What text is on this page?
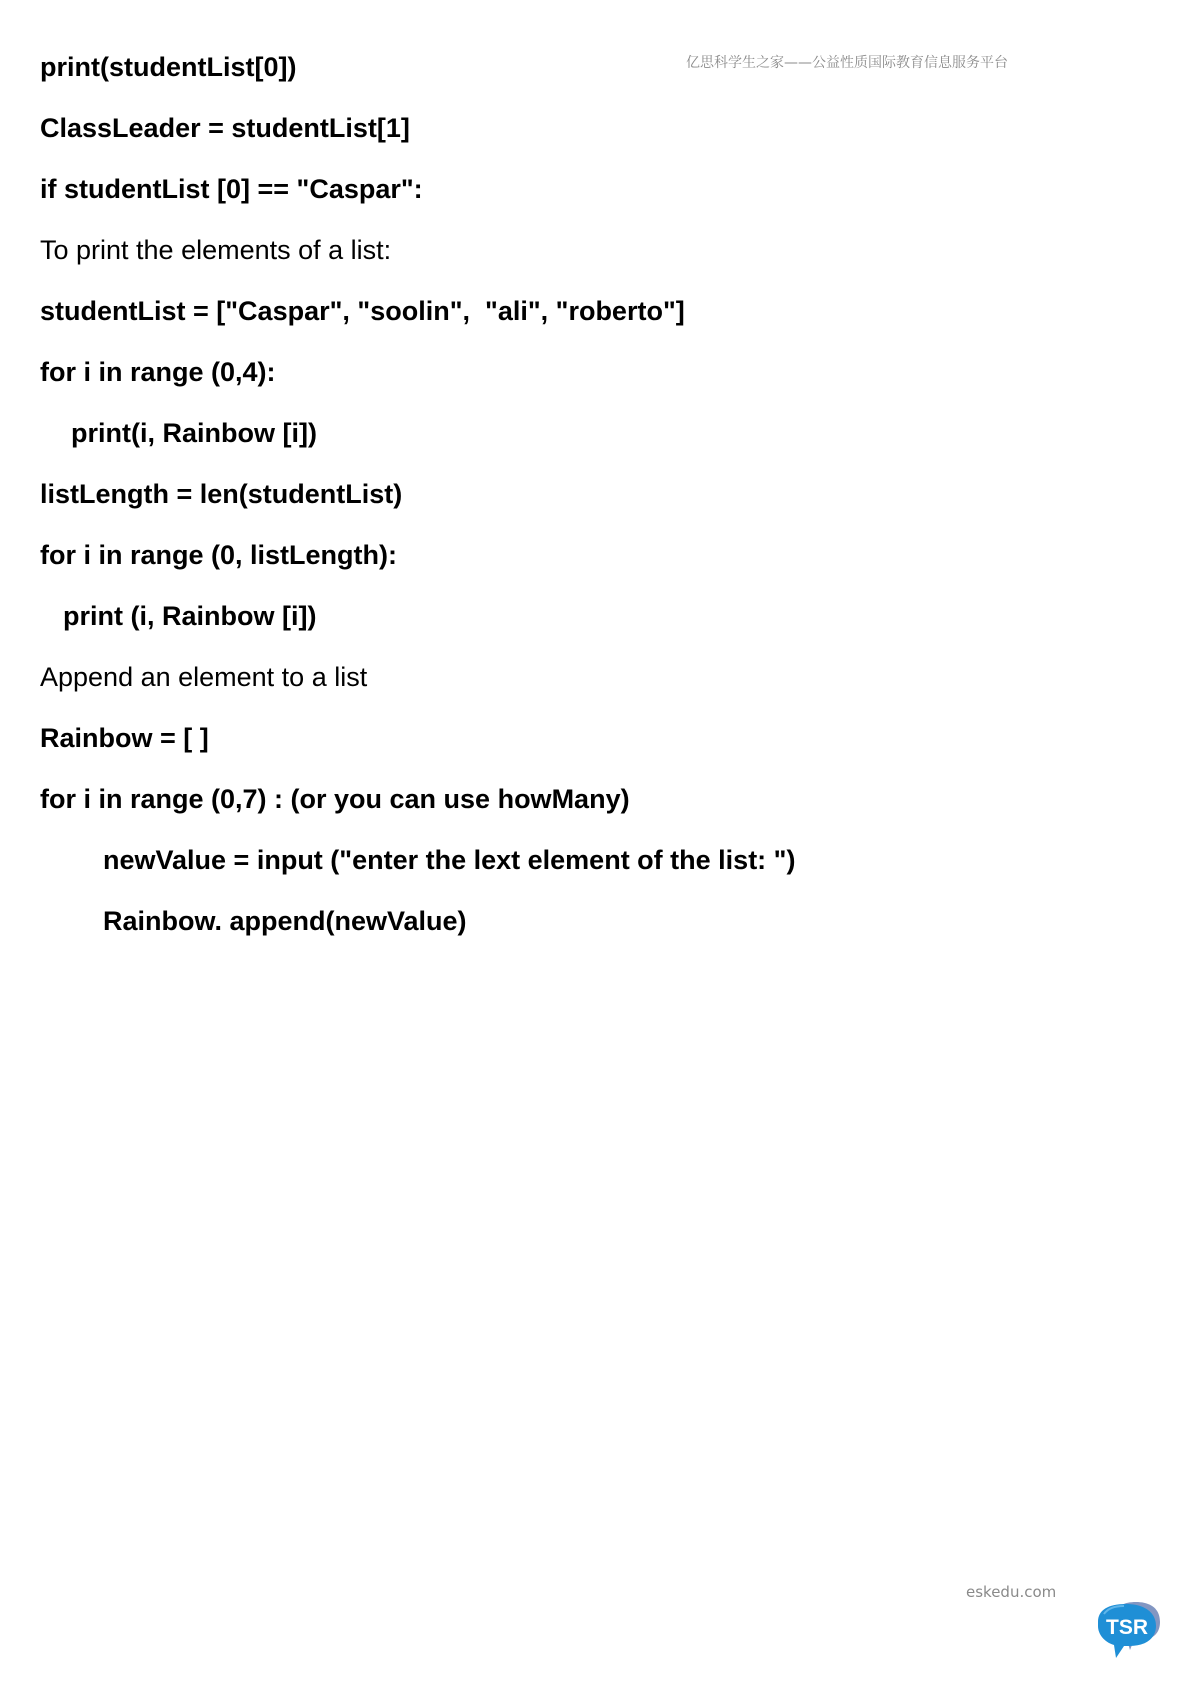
亿思科学生之家——公益性质国际教育信息服务平台
print(studentList[0])
ClassLeader = studentList[1]
if studentList [0] == "Caspar":
To print the elements of a list:
studentList = ["Caspar", "soolin",  "ali", "roberto"]
for i in range (0,4):
print(i, Rainbow [i])
listLength = len(studentList)
for i in range (0, listLength):
print (i, Rainbow [i])
Append an element to a list
Rainbow = [ ]
for i in range (0,7) : (or you can use howMany)
newValue = input ("enter the lext element of the list: ")
Rainbow. append(newValue)
eskedu.com
TSR
